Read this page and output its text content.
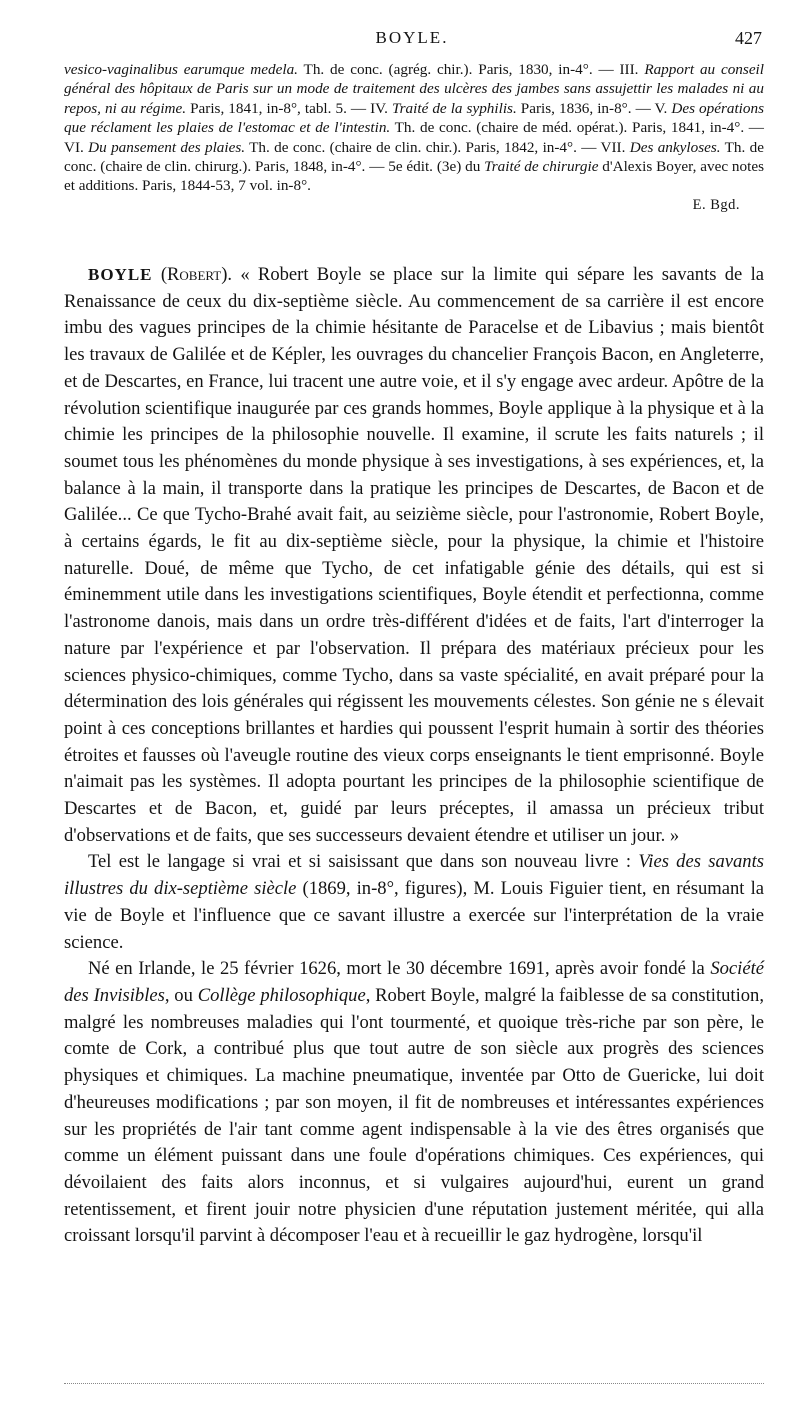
BOYLE.	427

vesico-vaginalibus earumque medela. Th. de conc. (agrég. chir.). Paris, 1830, in-4°. — III. Rapport au conseil général des hôpitaux de Paris sur un mode de traitement des ulcères des jambes sans assujettir les malades ni au repos, ni au régime. Paris, 1841, in-8°, tabl. 5. — IV. Traité de la syphilis. Paris, 1836, in-8°. — V. Des opérations que réclament les plaies de l'estomac et de l'intestin. Th. de conc. (chaire de méd. opérat.). Paris, 1841, in-4°. — VI. Du pansement des plaies. Th. de conc. (chaire de clin. chir.). Paris, 1842, in-4°. — VII. Des ankyloses. Th. de conc. (chaire de clin. chirurg.). Paris, 1848, in-4°. — 5e édit. (3e) du Traité de chirurgie d'Alexis Boyer, avec notes et additions. Paris, 1844-53, 7 vol. in-8°.

E. Bgd.

BOYLE (Robert). « Robert Boyle se place sur la limite qui sépare les savants de la Renaissance de ceux du dix-septième siècle. Au commencement de sa carrière il est encore imbu des vagues principes de la chimie hésitante de Paracelse et de Libavius ; mais bientôt les travaux de Galilée et de Képler, les ouvrages du chancelier François Bacon, en Angleterre, et de Descartes, en France, lui tracent une autre voie, et il s'y engage avec ardeur. Apôtre de la révolution scientifique inaugurée par ces grands hommes, Boyle applique à la physique et à la chimie les principes de la philosophie nouvelle. Il examine, il scrute les faits naturels ; il soumet tous les phénomènes du monde physique à ses investigations, à ses expériences, et, la balance à la main, il transporte dans la pratique les principes de Descartes, de Bacon et de Galilée... Ce que Tycho-Brahé avait fait, au seizième siècle, pour l'astronomie, Robert Boyle, à certains égards, le fit au dix-septième siècle, pour la physique, la chimie et l'histoire naturelle. Doué, de même que Tycho, de cet infatigable génie des détails, qui est si éminemment utile dans les investigations scientifiques, Boyle étendit et perfectionna, comme l'astronome danois, mais dans un ordre très-différent d'idées et de faits, l'art d'interroger la nature par l'expérience et par l'observation. Il prépara des matériaux précieux pour les sciences physico-chimiques, comme Tycho, dans sa vaste spécialité, en avait préparé pour la détermination des lois générales qui régissent les mouvements célestes. Son génie ne s élevait point à ces conceptions brillantes et hardies qui poussent l'esprit humain à sortir des théories étroites et fausses où l'aveugle routine des vieux corps enseignants le tient emprisonné. Boyle n'aimait pas les systèmes. Il adopta pourtant les principes de la philosophie scientifique de Descartes et de Bacon, et, guidé par leurs préceptes, il amassa un précieux tribut d'observations et de faits, que ses successeurs devaient étendre et utiliser un jour. »

Tel est le langage si vrai et si saisissant que dans son nouveau livre : Vies des savants illustres du dix-septième siècle (1869, in-8°, figures), M. Louis Figuier tient, en résumant la vie de Boyle et l'influence que ce savant illustre a exercée sur l'interprétation de la vraie science.

Né en Irlande, le 25 février 1626, mort le 30 décembre 1691, après avoir fondé la Société des Invisibles, ou Collège philosophique, Robert Boyle, malgré la faiblesse de sa constitution, malgré les nombreuses maladies qui l'ont tourmenté, et quoique très-riche par son père, le comte de Cork, a contribué plus que tout autre de son siècle aux progrès des sciences physiques et chimiques. La machine pneumatique, inventée par Otto de Guericke, lui doit d'heureuses modifications ; par son moyen, il fit de nombreuses et intéressantes expériences sur les propriétés de l'air tant comme agent indispensable à la vie des êtres organisés que comme un élément puissant dans une foule d'opérations chimiques. Ces expériences, qui dévoilaient des faits alors inconnus, et si vulgaires aujourd'hui, eurent un grand retentissement, et firent jouir notre physicien d'une réputation justement méritée, qui alla croissant lorsqu'il parvint à décomposer l'eau et à recueillir le gaz hydrogène, lorsqu'il
